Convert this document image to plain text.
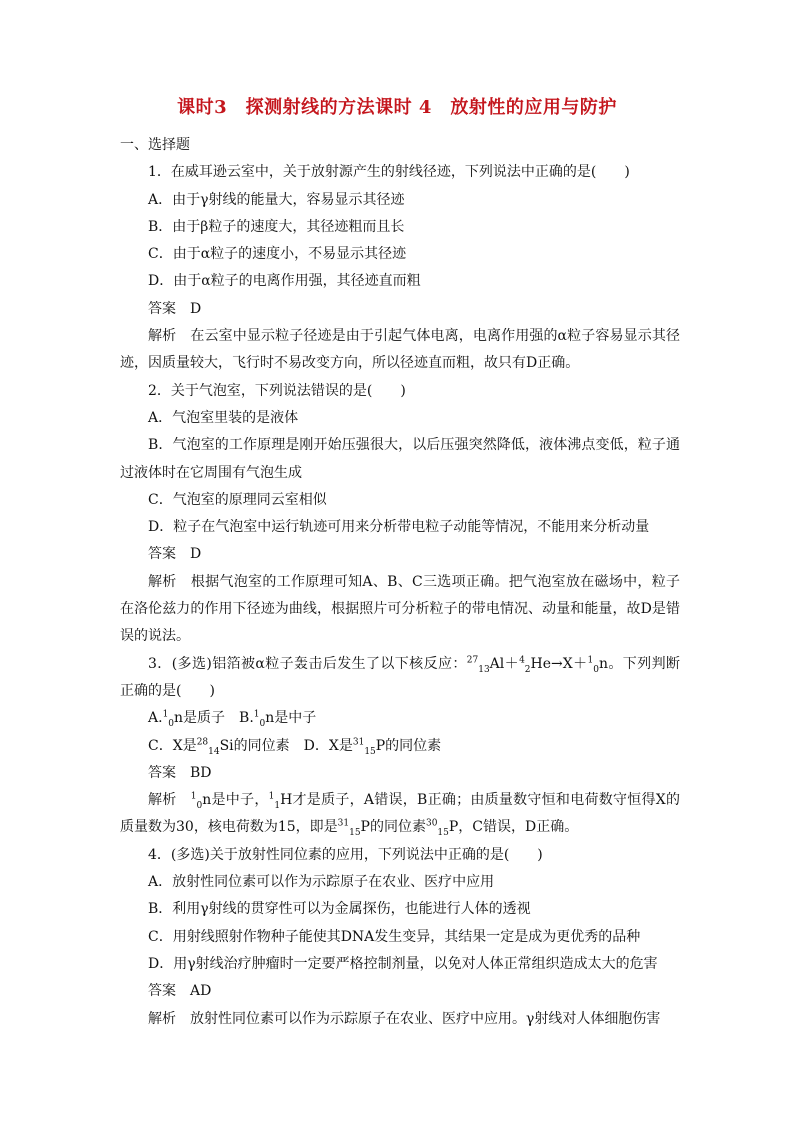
课时3　探测射线的方法课时 4　放射性的应用与防护

一、选择题

1．在威耳逊云室中，关于放射源产生的射线径迹，下列说法中正确的是(　　)

A．由于γ射线的能量大，容易显示其径迹

B．由于β粒子的速度大，其径迹粗而且长

C．由于α粒子的速度小，不易显示其径迹

D．由于α粒子的电离作用强，其径迹直而粗

答案　D

解析　在云室中显示粒子径迹是由于引起气体电离，电离作用强的α粒子容易显示其径迹，因质量较大，飞行时不易改变方向，所以径迹直而粗，故只有D正确。

2．关于气泡室，下列说法错误的是(　　)

A．气泡室里装的是液体

B．气泡室的工作原理是刚开始压强很大，以后压强突然降低，液体沸点变低，粒子通过液体时在它周围有气泡生成

C．气泡室的原理同云室相似

D．粒子在气泡室中运行轨迹可用来分析带电粒子动能等情况，不能用来分析动量

答案　D

解析　根据气泡室的工作原理可知A、B、C三选项正确。把气泡室放在磁场中，粒子在洛伦兹力的作用下径迹为曲线，根据照片可分析粒子的带电情况、动量和能量，故D是错误的说法。

3．(多选)铝箔被α粒子轰击后发生了以下核反应：$^{27}_{13}$Al＋$^4_2$He→X＋$^1_0$n。下列判断正确的是(　　)

A.$^1_0$n是质子　B.$^1_0$n是中子

C．X是$^{28}_{14}$Si的同位素　D．X是$^{31}_{15}$P的同位素

答案　BD

解析　$^1_0$n是中子，$^1_1$H才是质子，A错误，B正确；由质量数守恒和电荷数守恒得X的质量数为30，核电荷数为15，即是$^{31}_{15}$P的同位素$^{30}_{15}$P，C错误，D正确。

4．(多选)关于放射性同位素的应用，下列说法中正确的是(　　)

A．放射性同位素可以作为示踪原子在农业、医疗中应用

B．利用γ射线的贯穿性可以为金属探伤，也能进行人体的透视

C．用射线照射作物种子能使其DNA发生变异，其结果一定是成为更优秀的品种

D．用γ射线治疗肿瘤时一定要严格控制剂量，以免对人体正常组织造成太大的危害

答案　AD

解析　放射性同位素可以作为示踪原子在农业、医疗中应用。γ射线对人体细胞伤害
